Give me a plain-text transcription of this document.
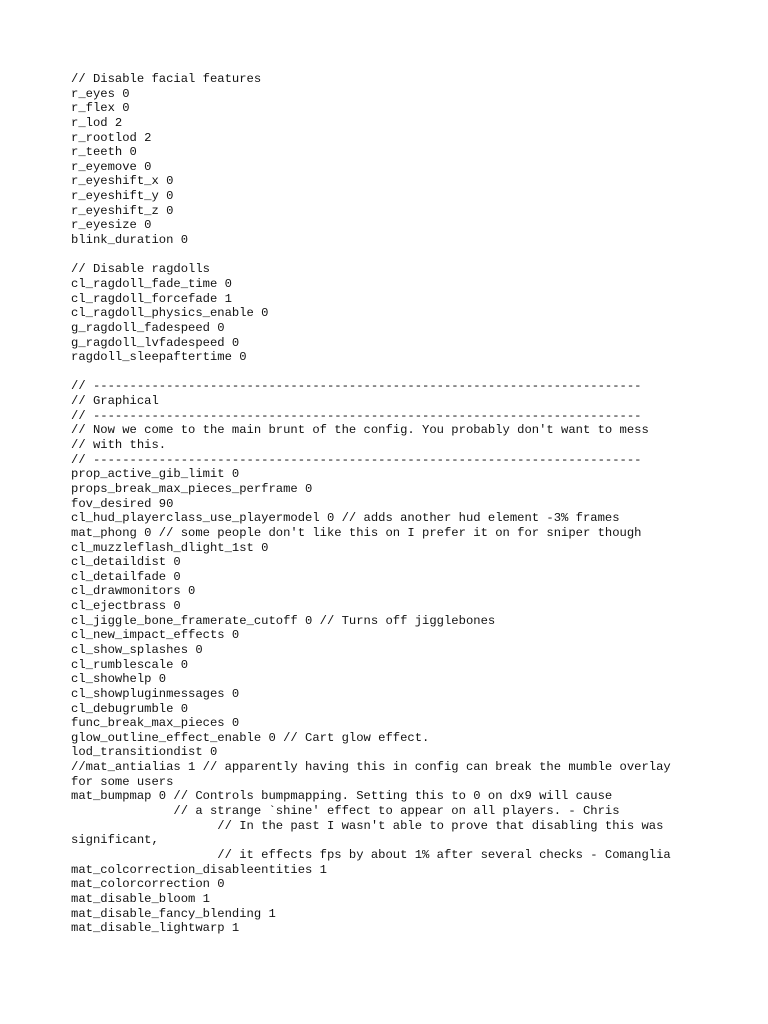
// Disable facial features
r_eyes 0
r_flex 0
r_lod 2
r_rootlod 2
r_teeth 0
r_eyemove 0
r_eyeshift_x 0
r_eyeshift_y 0
r_eyeshift_z 0
r_eyesize 0
blink_duration 0
// Disable ragdolls
cl_ragdoll_fade_time 0
cl_ragdoll_forcefade 1
cl_ragdoll_physics_enable 0
g_ragdoll_fadespeed 0
g_ragdoll_lvfadespeed 0
ragdoll_sleepaftertime 0
// ---------------------------------------------------------------------------
// Graphical
// ---------------------------------------------------------------------------
// Now we come to the main brunt of the config. You probably don't want to mess
// with this.
// ---------------------------------------------------------------------------
prop_active_gib_limit 0
props_break_max_pieces_perframe 0
fov_desired 90
cl_hud_playerclass_use_playermodel 0 // adds another hud element -3% frames
mat_phong 0 // some people don't like this on I prefer it on for sniper though
cl_muzzleflash_dlight_1st 0
cl_detaildist 0
cl_detailfade 0
cl_drawmonitors 0
cl_ejectbrass 0
cl_jiggle_bone_framerate_cutoff 0 // Turns off jigglebones
cl_new_impact_effects 0
cl_show_splashes 0
cl_rumblescale 0
cl_showhelp 0
cl_showpluginmessages 0
cl_debugrumble 0
func_break_max_pieces 0
glow_outline_effect_enable 0 // Cart glow effect.
lod_transitiondist 0
//mat_antialias 1 // apparently having this in config can break the mumble overlay
for some users
mat_bumpmap 0 // Controls bumpmapping. Setting this to 0 on dx9 will cause
// a strange `shine' effect to appear on all players. - Chris
// In the past I wasn't able to prove that disabling this was
significant,
// it effects fps by about 1% after several checks - Comanglia
mat_colcorrection_disableentities 1
mat_colorcorrection 0
mat_disable_bloom 1
mat_disable_fancy_blending 1
mat_disable_lightwarp 1
